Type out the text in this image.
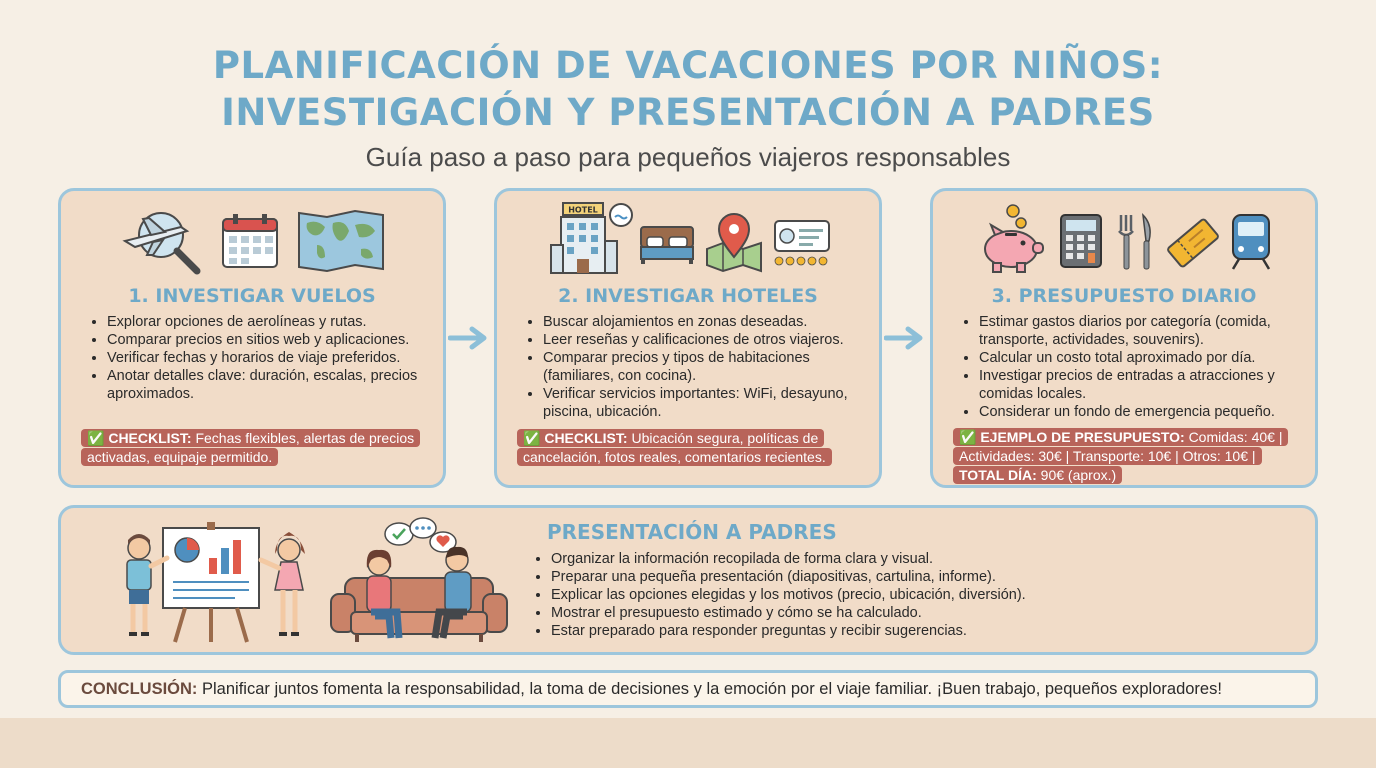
PLANIFICACIÓN DE VACACIONES POR NIÑOS:
INVESTIGACIÓN Y PRESENTACIÓN A PADRES
Guía paso a paso para pequeños viajeros responsables
1. INVESTIGAR VUELOS
• Explorar opciones de aerolíneas y rutas.
• Comparar precios en sitios web y aplicaciones.
• Verificar fechas y horarios de viaje preferidos.
• Anotar detalles clave: duración, escalas, precios aproximados.
✅ CHECKLIST: Fechas flexibles, alertas de precios activadas, equipaje permitido.
HOTEL
2. INVESTIGAR HOTELES
• Buscar alojamientos en zonas deseadas.
• Leer reseñas y calificaciones de otros viajeros.
• Comparar precios y tipos de habitaciones (familiares, con cocina).
• Verificar servicios importantes: WiFi, desayuno, piscina, ubicación.
✅ CHECKLIST: Ubicación segura, políticas de cancelación, fotos reales, comentarios recientes.
3. PRESUPUESTO DIARIO
• Estimar gastos diarios por categoría (comida, transporte, actividades, souvenirs).
• Calcular un costo total aproximado por día.
• Investigar precios de entradas a atracciones y comidas locales.
• Considerar un fondo de emergencia pequeño.
✅ EJEMPLO DE PRESUPUESTO: Comidas: 40€ | Actividades: 30€ | Transporte: 10€ | Otros: 10€ | TOTAL DÍA: 90€ (aprox.)
PRESENTACIÓN A PADRES
• Organizar la información recopilada de forma clara y visual.
• Preparar una pequeña presentación (diapositivas, cartulina, informe).
• Explicar las opciones elegidas y los motivos (precio, ubicación, diversión).
• Mostrar el presupuesto estimado y cómo se ha calculado.
• Estar preparado para responder preguntas y recibir sugerencias.
CONCLUSIÓN: Planificar juntos fomenta la responsabilidad, la toma de decisiones y la emoción por el viaje familiar. ¡Buen trabajo, pequeños exploradores!
